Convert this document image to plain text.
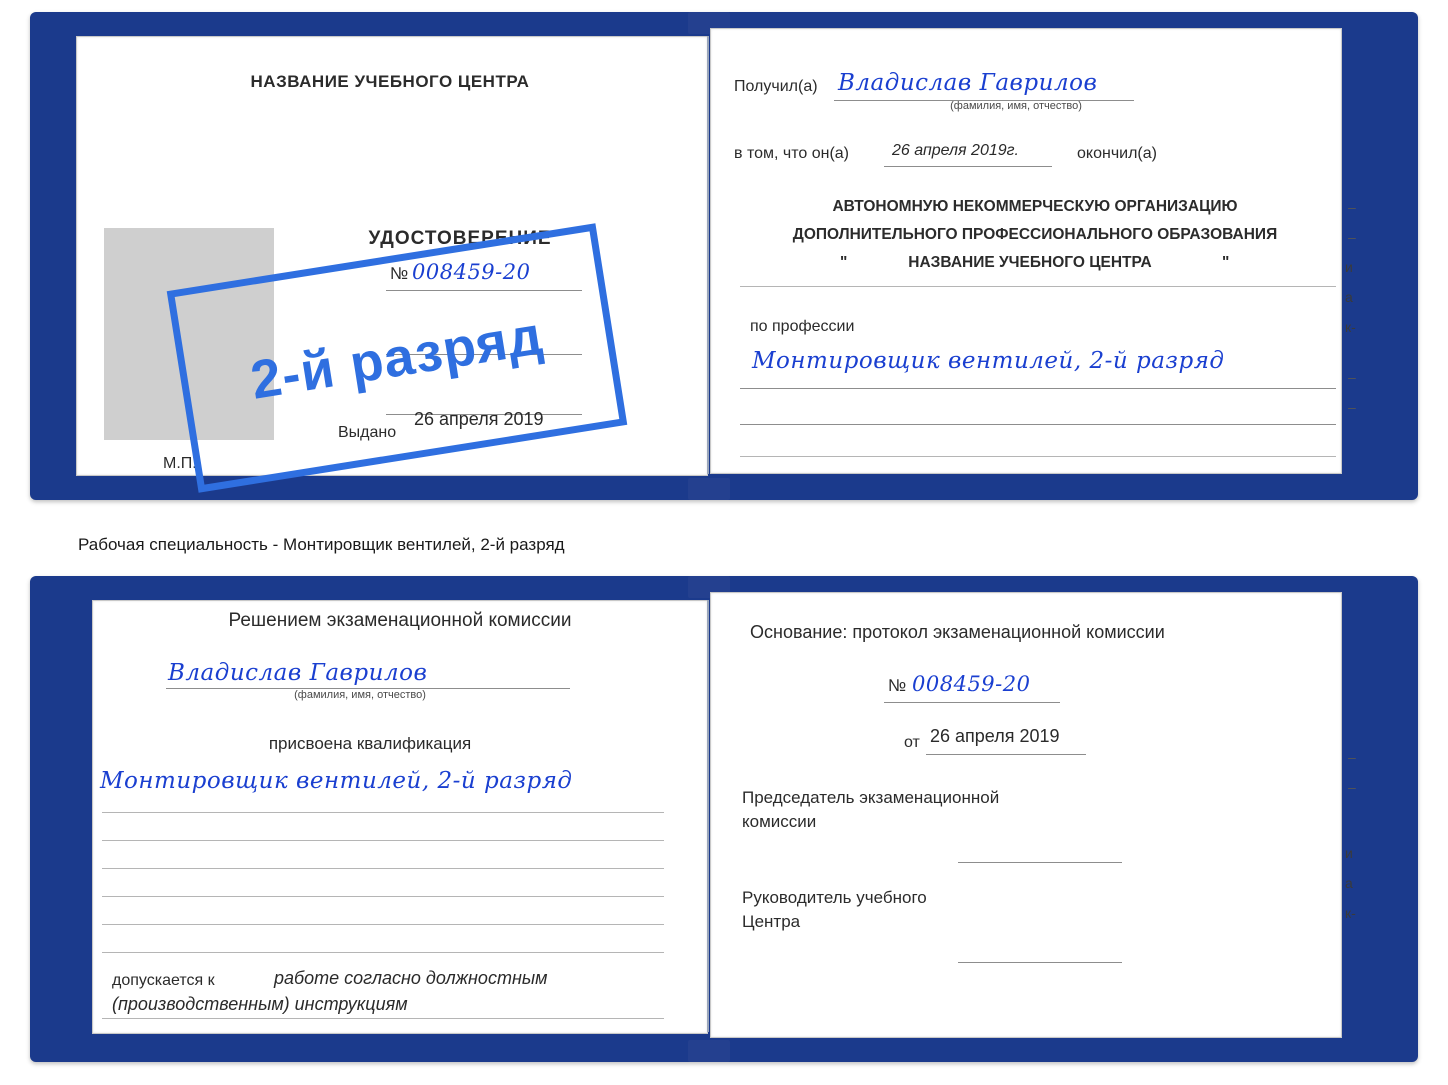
НАЗВАНИЕ УЧЕБНОГО ЦЕНТРА
УДОСТОВЕРЕНИЕ
№ 008459-20
Выдано
26 апреля 2019
М.П.
2-й разряд
Получил(а) Владислав Гаврилов
(фамилия, имя, отчество)
в том, что он(а)	26 апреля 2019г.	окончил(а)
АВТОНОМНУЮ НЕКОММЕРЧЕСКУЮ ОРГАНИЗАЦИЮ
ДОПОЛНИТЕЛЬНОГО ПРОФЕССИОНАЛЬНОГО ОБРАЗОВАНИЯ
"	НАЗВАНИЕ УЧЕБНОГО ЦЕНТРА	"
по профессии
Монтировщик вентилей, 2-й разряд
–
–
и
а
к-
–
–
Рабочая специальность - Монтировщик вентилей, 2-й разряд
Решением экзаменационной комиссии
Владислав Гаврилов
(фамилия, имя, отчество)
присвоена квалификация
Монтировщик вентилей, 2-й разряд
допускается к	работе согласно должностным
(производственным) инструкциям
Основание: протокол экзаменационной комиссии
№ 008459-20
от 26 апреля 2019
Председатель экзаменационной
комиссии
Руководитель учебного
Центра
–
–
и
а
к-
